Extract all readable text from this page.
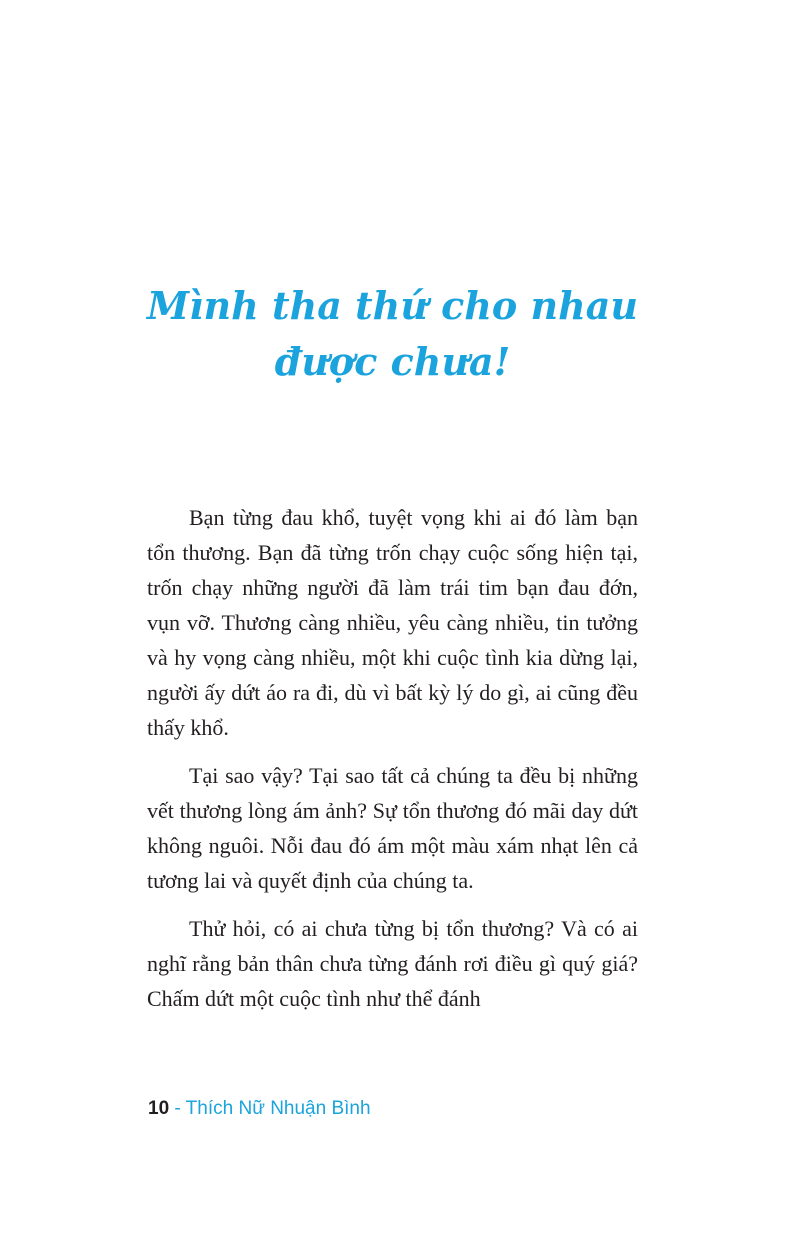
Mình tha thứ cho nhau
được chưa!

Bạn từng đau khổ, tuyệt vọng khi ai đó làm bạn tổn thương. Bạn đã từng trốn chạy cuộc sống hiện tại, trốn chạy những người đã làm trái tim bạn đau đớn, vụn vỡ. Thương càng nhiều, yêu càng nhiều, tin tưởng và hy vọng càng nhiều, một khi cuộc tình kia dừng lại, người ấy dứt áo ra đi, dù vì bất kỳ lý do gì, ai cũng đều thấy khổ.

Tại sao vậy? Tại sao tất cả chúng ta đều bị những vết thương lòng ám ảnh? Sự tổn thương đó mãi day dứt không nguôi. Nỗi đau đó ám một màu xám nhạt lên cả tương lai và quyết định của chúng ta.

Thử hỏi, có ai chưa từng bị tổn thương? Và có ai nghĩ rằng bản thân chưa từng đánh rơi điều gì quý giá? Chấm dứt một cuộc tình như thể đánh

10 - Thích Nữ Nhuận Bình
